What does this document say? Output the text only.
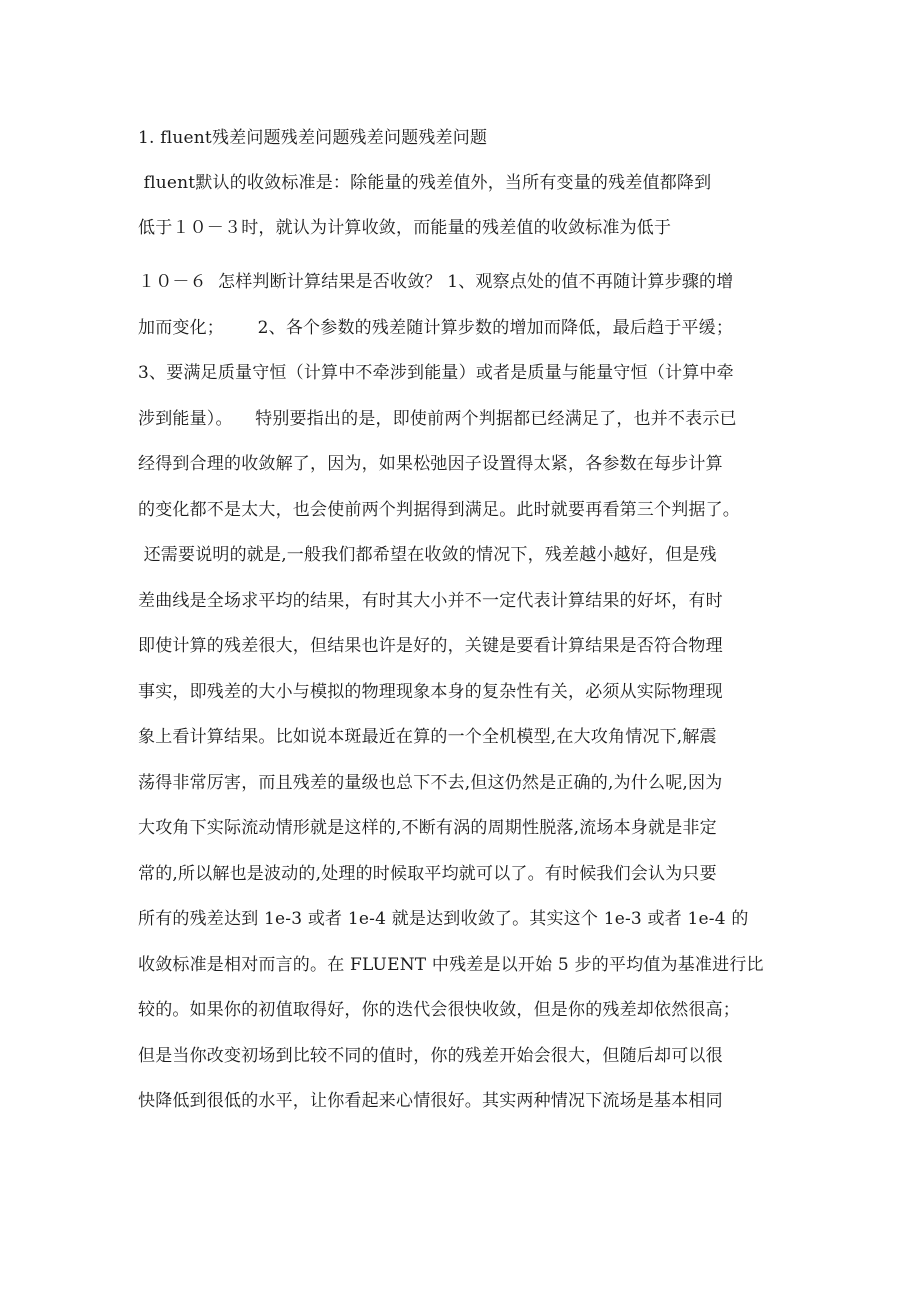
1. fluent残差问题残差问题残差问题残差问题
fluent默认的收敛标准是：除能量的残差值外，当所有变量的残差值都降到
低于１０－３时，就认为计算收敛，而能量的残差值的收敛标准为低于
１０－６  怎样判断计算结果是否收敛？ 1、观察点处的值不再随计算步骤的增
加而变化；      2、各个参数的残差随计算步数的增加而降低，最后趋于平缓；
3、要满足质量守恒（计算中不牵涉到能量）或者是质量与能量守恒（计算中牵
涉到能量）。    特别要指出的是，即使前两个判据都已经满足了，也并不表示已
经得到合理的收敛解了，因为，如果松弛因子设置得太紧，各参数在每步计算
的变化都不是太大，也会使前两个判据得到满足。此时就要再看第三个判据了。
还需要说明的就是,一般我们都希望在收敛的情况下，残差越小越好，但是残
差曲线是全场求平均的结果，有时其大小并不一定代表计算结果的好坏，有时
即使计算的残差很大，但结果也许是好的，关键是要看计算结果是否符合物理
事实，即残差的大小与模拟的物理现象本身的复杂性有关，必须从实际物理现
象上看计算结果。比如说本斑最近在算的一个全机模型,在大攻角情况下,解震
荡得非常厉害，而且残差的量级也总下不去,但这仍然是正确的,为什么呢,因为
大攻角下实际流动情形就是这样的,不断有涡的周期性脱落,流场本身就是非定
常的,所以解也是波动的,处理的时候取平均就可以了。有时候我们会认为只要
所有的残差达到 1e-3 或者 1e-4 就是达到收敛了。其实这个 1e-3 或者 1e-4 的
收敛标准是相对而言的。在 FLUENT 中残差是以开始 5 步的平均值为基准进行比
较的。如果你的初值取得好，你的迭代会很快收敛，但是你的残差却依然很高；
但是当你改变初场到比较不同的值时，你的残差开始会很大，但随后却可以很
快降低到很低的水平，让你看起来心情很好。其实两种情况下流场是基本相同
